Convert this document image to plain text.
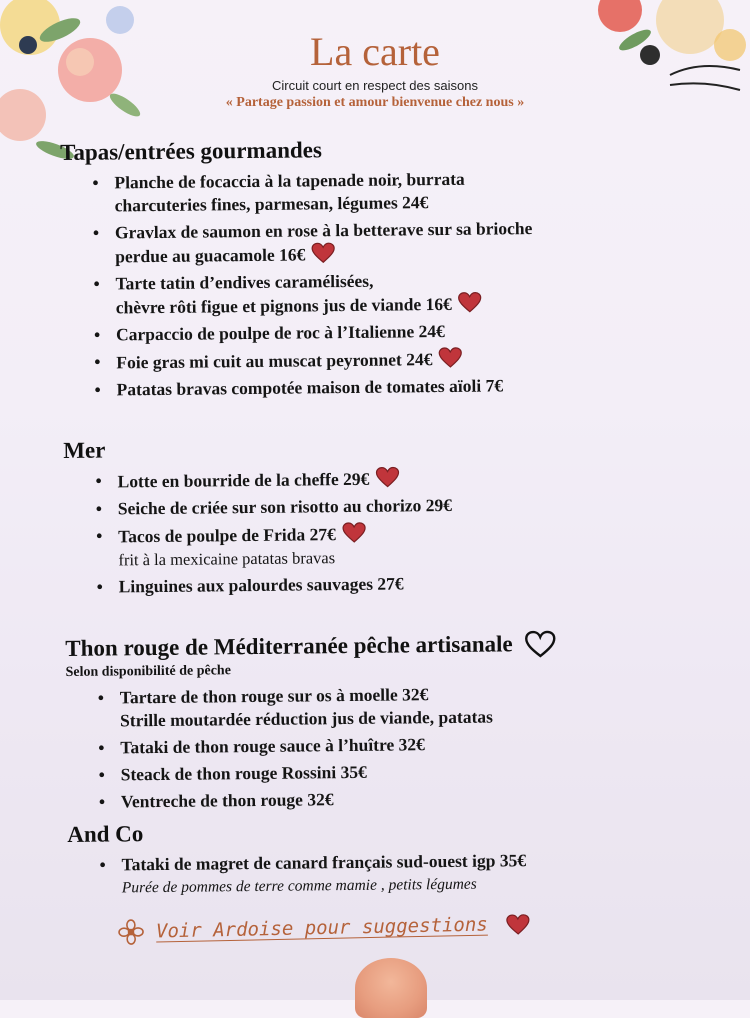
La carte
Circuit court en respect des saisons
« Partage passion et amour bienvenue chez nous »
Tapas/entrées gourmandes
• Planche de focaccia à la tapenade noir, burrata
charcuteries fines, parmesan, légumes 24€
• Gravlax de saumon en rose à la betterave sur sa brioche
perdue au guacamole 16€
• Tarte tatin d’endives caramélisées,
chèvre rôti figue et pignons jus de viande 16€
• Carpaccio de poulpe de roc à l’Italienne 24€
• Foie gras mi cuit au muscat peyronnet 24€
• Patatas bravas compotée maison de tomates aïoli 7€
Mer
• Lotte en bourride de la cheffe 29€
• Seiche de criée sur son risotto au chorizo 29€
• Tacos de poulpe de Frida 27€
frit à la mexicaine patatas bravas
• Linguines aux palourdes sauvages 27€
Thon rouge de Méditerranée pêche artisanale
Selon disponibilité de pêche
• Tartare de thon rouge sur os à moelle 32€
Strille moutardée réduction jus de viande, patatas
• Tataki de thon rouge sauce à l’huître 32€
• Steack de thon rouge Rossini 35€
• Ventreche de thon rouge 32€
And Co
• Tataki de magret de canard français sud-ouest igp 35€
Purée de pommes de terre comme mamie , petits légumes
Voir Ardoise pour suggestions
